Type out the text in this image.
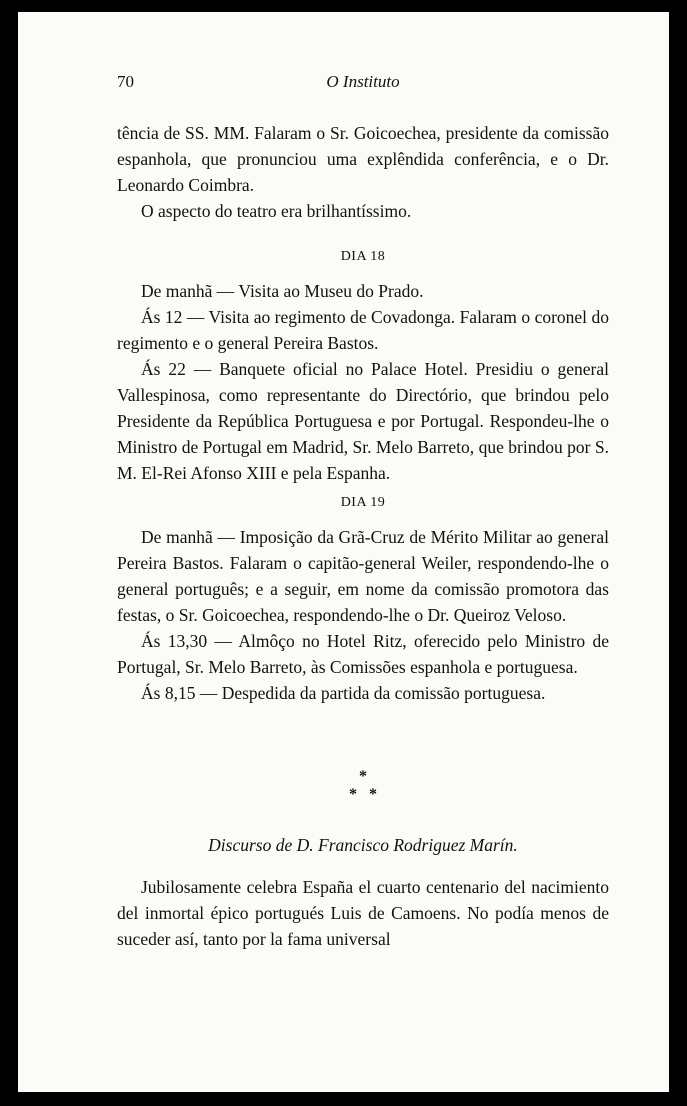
70	O Instituto

tência de SS. MM. Falaram o Sr. Goicoechea, presidente da comissão espanhola, que pronunciou uma explêndida conferência, e o Dr. Leonardo Coimbra.

O aspecto do teatro era brilhantíssimo.

DIA 18

De manhã — Visita ao Museu do Prado.

Ás 12 — Visita ao regimento de Covadonga. Falaram o coronel do regimento e o general Pereira Bastos.

Ás 22 — Banquete oficial no Palace Hotel. Presidiu o general Vallespinosa, como representante do Directório, que brindou pelo Presidente da República Portuguesa e por Portugal. Respondeu-lhe o Ministro de Portugal em Madrid, Sr. Melo Barreto, que brindou por S. M. El-Rei Afonso XIII e pela Espanha.

DIA 19

De manhã — Imposição da Grã-Cruz de Mérito Militar ao general Pereira Bastos. Falaram o capitão-general Weiler, respondendo-lhe o general português; e a seguir, em nome da comissão promotora das festas, o Sr. Goicoechea, respondendo-lhe o Dr. Queiroz Veloso.

Ás 13,30 — Almôço no Hotel Ritz, oferecido pelo Ministro de Portugal, Sr. Melo Barreto, às Comissões espanhola e portuguesa.

Ás 8,15 — Despedida da partida da comissão portuguesa.

*
*   *

Discurso de D. Francisco Rodriguez Marín.

Jubilosamente celebra España el cuarto centenario del nacimiento del inmortal épico portugués Luis de Camoens. No podía menos de suceder así, tanto por la fama universal
